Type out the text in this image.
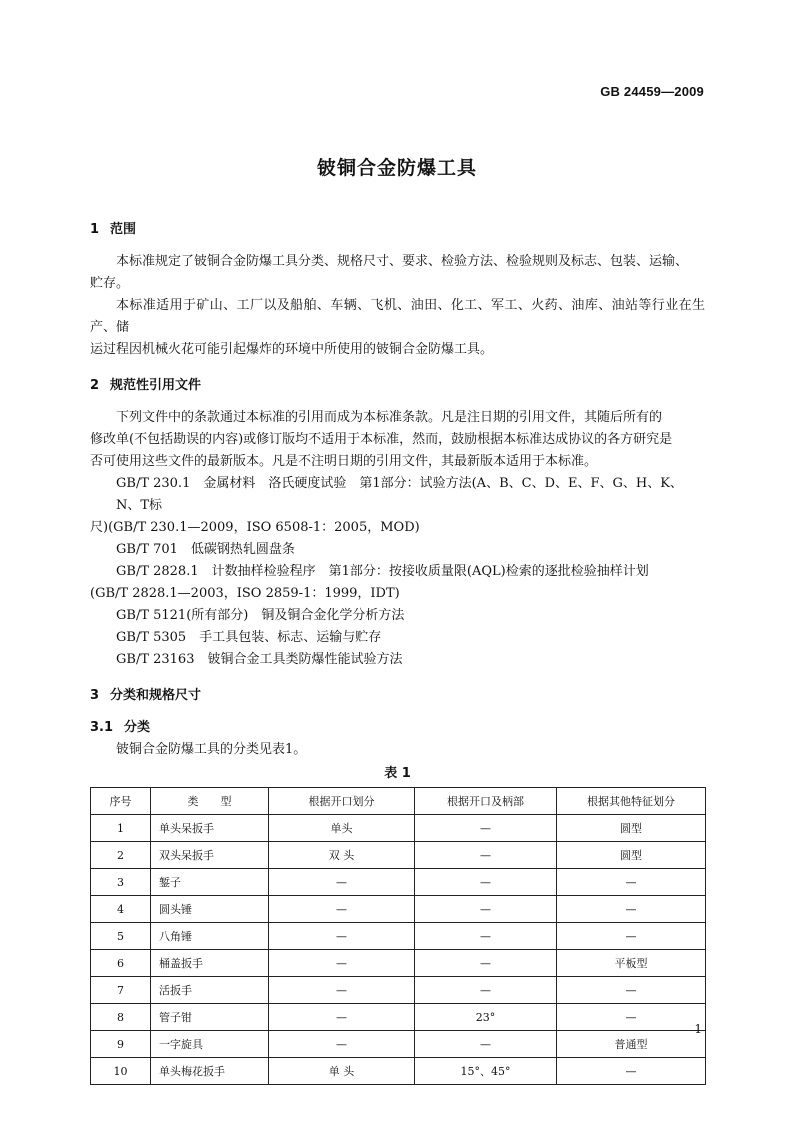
GB 24459—2009
铍铜合金防爆工具
1 范围

本标准规定了铍铜合金防爆工具分类、规格尺寸、要求、检验方法、检验规则及标志、包装、运输、

贮存。

本标准适用于矿山、工厂以及船舶、车辆、飞机、油田、化工、军工、火药、油库、油站等行业在生产、储

运过程因机械火花可能引起爆炸的环境中所使用的铍铜合金防爆工具。

2 规范性引用文件

下列文件中的条款通过本标准的引用而成为本标准条款。凡是注日期的引用文件，其随后所有的

修改单(不包括勘误的内容)或修订版均不适用于本标准，然而，鼓励根据本标准达成协议的各方研究是

否可使用这些文件的最新版本。凡是不注明日期的引用文件，其最新版本适用于本标准。

GB/T 230.1　金属材料　洛氏硬度试验　第1部分：试验方法(A、B、C、D、E、F、G、H、K、N、T标

尺)(GB/T 230.1—2009，ISO 6508-1：2005，MOD)

GB/T 701　低碳钢热轧圆盘条

GB/T 2828.1　计数抽样检验程序　第1部分：按接收质量限(AQL)检索的逐批检验抽样计划

(GB/T 2828.1—2003，ISO 2859-1：1999，IDT)

GB/T 5121(所有部分)　铜及铜合金化学分析方法

GB/T 5305　手工具包装、标志、运输与贮存

GB/T 23163　铍铜合金工具类防爆性能试验方法

3 分类和规格尺寸
3.1 分类

铍铜合金防爆工具的分类见表1。

表 1
序号	类　　型	根据开口划分	根据开口及柄部	根据其他特征划分
1	单头呆扳手	单头	—	圆型
2	双头呆扳手	双 头	—	圆型
3	錾子	—	—	—
4	圆头锤	—	—	—
5	八角锤	—	—	—
6	桶盖扳手	—	—	平板型
7	活扳手	—	—	—
8	管子钳	—	23°	—
9	一字旋具	—	—	普通型
10	单头梅花扳手	单 头	15°、45°	—
1
